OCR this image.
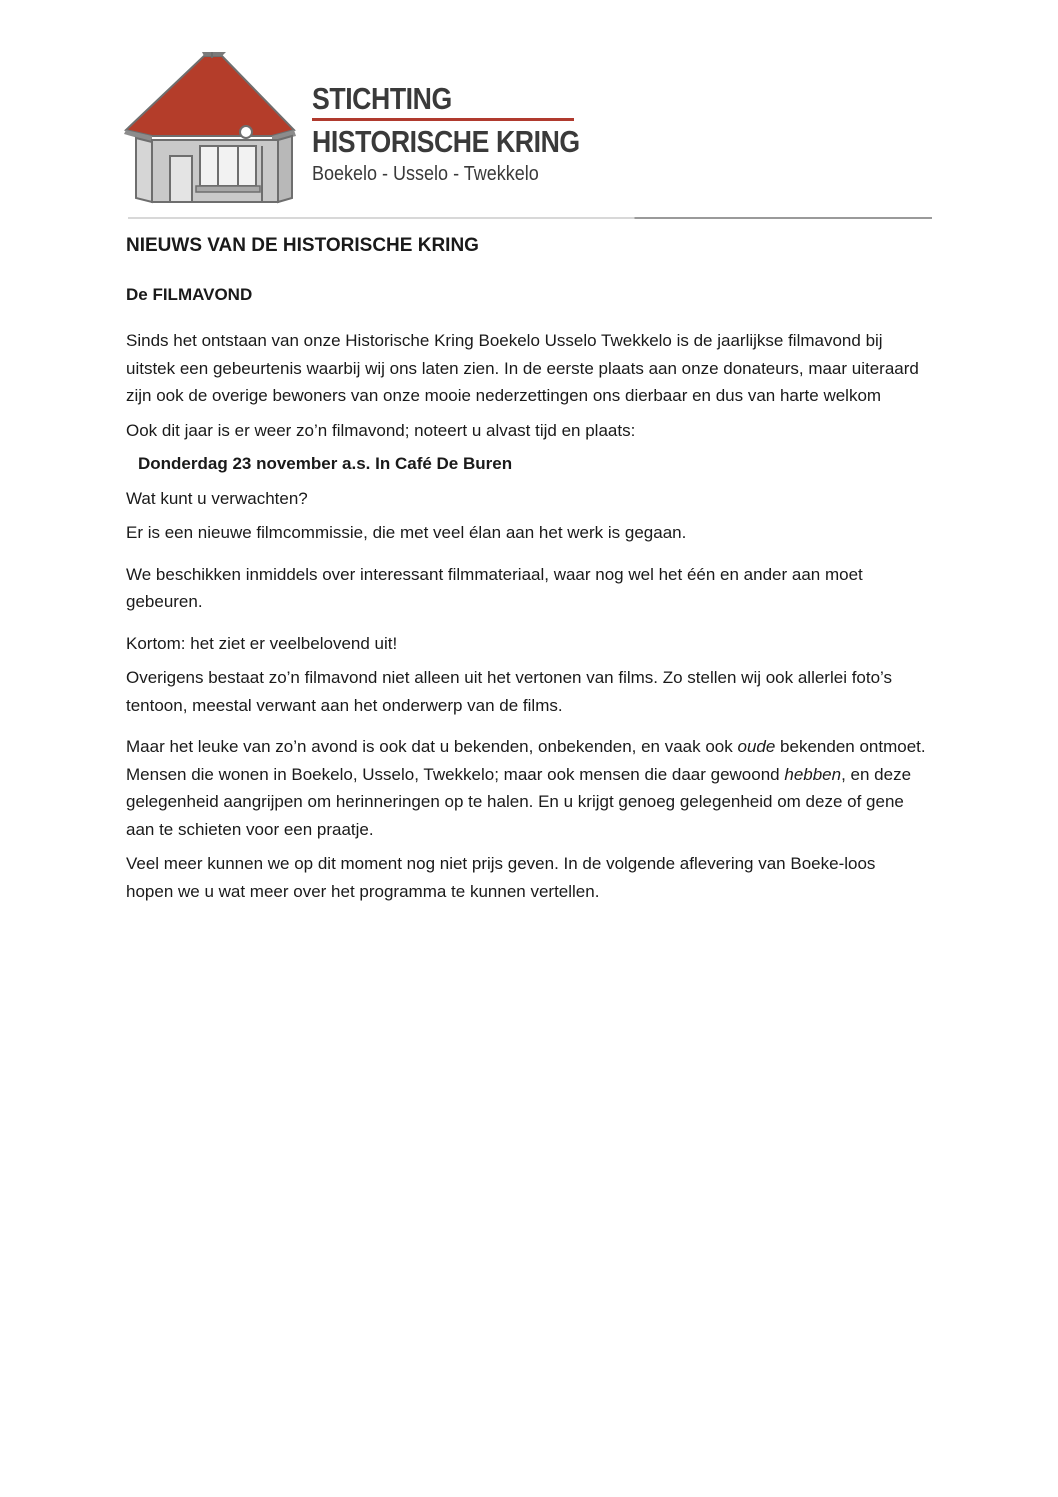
STICHTING
HISTORISCHE KRING
Boekelo - Usselo - Twekkelo
NIEUWS VAN DE HISTORISCHE KRING
De FILMAVOND

Sinds het ontstaan van onze Historische Kring Boekelo Usselo Twekkelo is de jaarlijkse filmavond bij uitstek een gebeurtenis waarbij wij ons laten zien. In de eerste plaats aan onze donateurs, maar uiteraard zijn ook de overige bewoners van onze mooie nederzettingen ons dierbaar en dus van harte welkom

Ook dit jaar is er weer zo’n filmavond; noteert u alvast tijd en plaats:

Donderdag 23 november a.s. In Café De Buren

Wat kunt u verwachten?

Er is een nieuwe filmcommissie, die met veel élan aan het werk is gegaan.

We beschikken inmiddels over interessant filmmateriaal, waar nog wel het één en ander aan moet gebeuren.

Kortom: het ziet er veelbelovend uit!

Overigens bestaat zo’n filmavond niet alleen uit het vertonen van films. Zo stellen wij ook allerlei foto’s tentoon, meestal verwant aan het onderwerp van de films.

Maar het leuke van zo’n avond is ook dat u bekenden, onbekenden, en vaak ook oude bekenden ontmoet. Mensen die wonen in Boekelo, Usselo, Twekkelo; maar ook mensen die daar gewoond hebben, en deze gelegenheid aangrijpen om herinneringen op te halen. En u krijgt genoeg gelegenheid om deze of gene aan te schieten voor een praatje.

Veel meer kunnen we op dit moment nog niet prijs geven. In de volgende aflevering van Boeke-loos hopen we u wat meer over het programma te kunnen vertellen.
